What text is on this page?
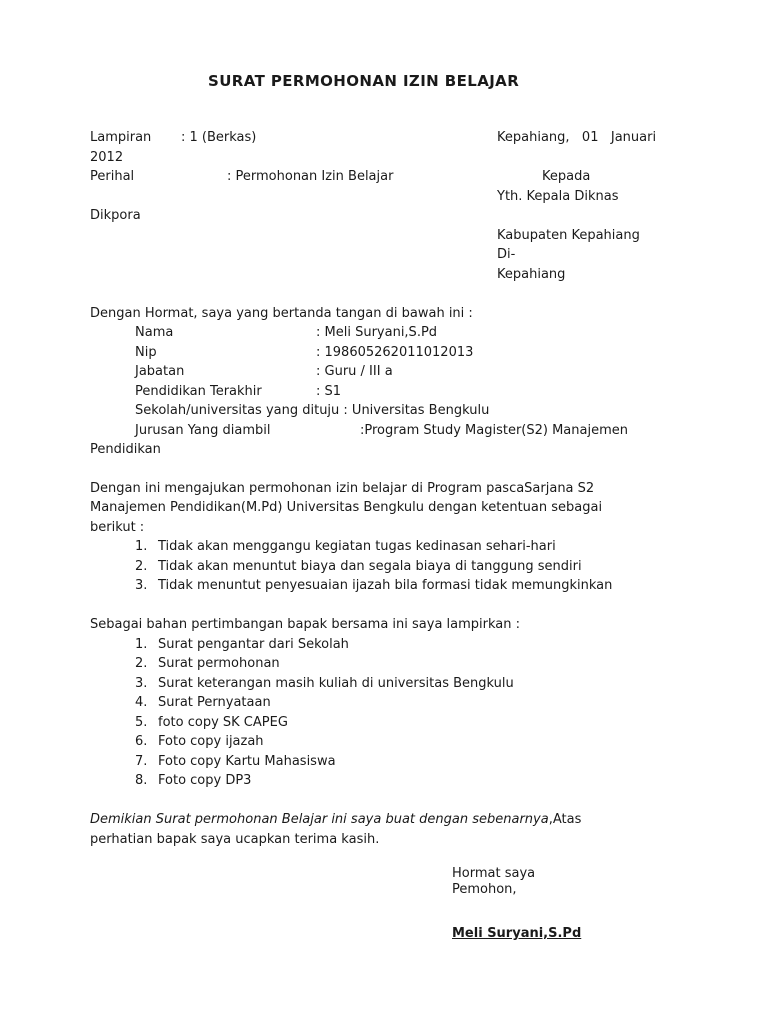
SURAT PERMOHONAN IZIN BELAJAR
Lampiran : 1 (Berkas)	Kepahiang,   01   Januari
2012
Perihal	: Permohonan Izin Belajar	Kepada
Yth. Kepala Diknas
Dikpora
Kabupaten Kepahiang
Di-
Kepahiang
Dengan Hormat, saya yang bertanda tangan di bawah ini :
Nama	: Meli Suryani,S.Pd
Nip	: 198605262011012013
Jabatan	: Guru / III a
Pendidikan Terakhir	: S1
Sekolah/universitas yang dituju : Universitas Bengkulu
Jurusan Yang diambil	:Program Study Magister(S2) Manajemen
Pendidikan
Dengan ini mengajukan permohonan izin belajar di Program pascaSarjana S2
Manajemen Pendidikan(M.Pd) Universitas Bengkulu dengan ketentuan sebagai
berikut :
1. Tidak akan menggangu kegiatan tugas kedinasan sehari-hari
2. Tidak akan menuntut biaya dan segala biaya di tanggung sendiri
3. Tidak menuntut penyesuaian ijazah bila formasi tidak memungkinkan
Sebagai bahan pertimbangan bapak bersama ini saya lampirkan :
1. Surat pengantar dari Sekolah
2. Surat permohonan
3. Surat keterangan masih kuliah di universitas Bengkulu
4. Surat Pernyataan
5. foto copy SK CAPEG
6. Foto copy ijazah
7. Foto copy Kartu Mahasiswa
8. Foto copy DP3
Demikian Surat permohonan Belajar ini saya buat dengan sebenarnya,Atas
perhatian bapak saya ucapkan terima kasih.
Hormat saya
Pemohon,
Meli Suryani,S.Pd
